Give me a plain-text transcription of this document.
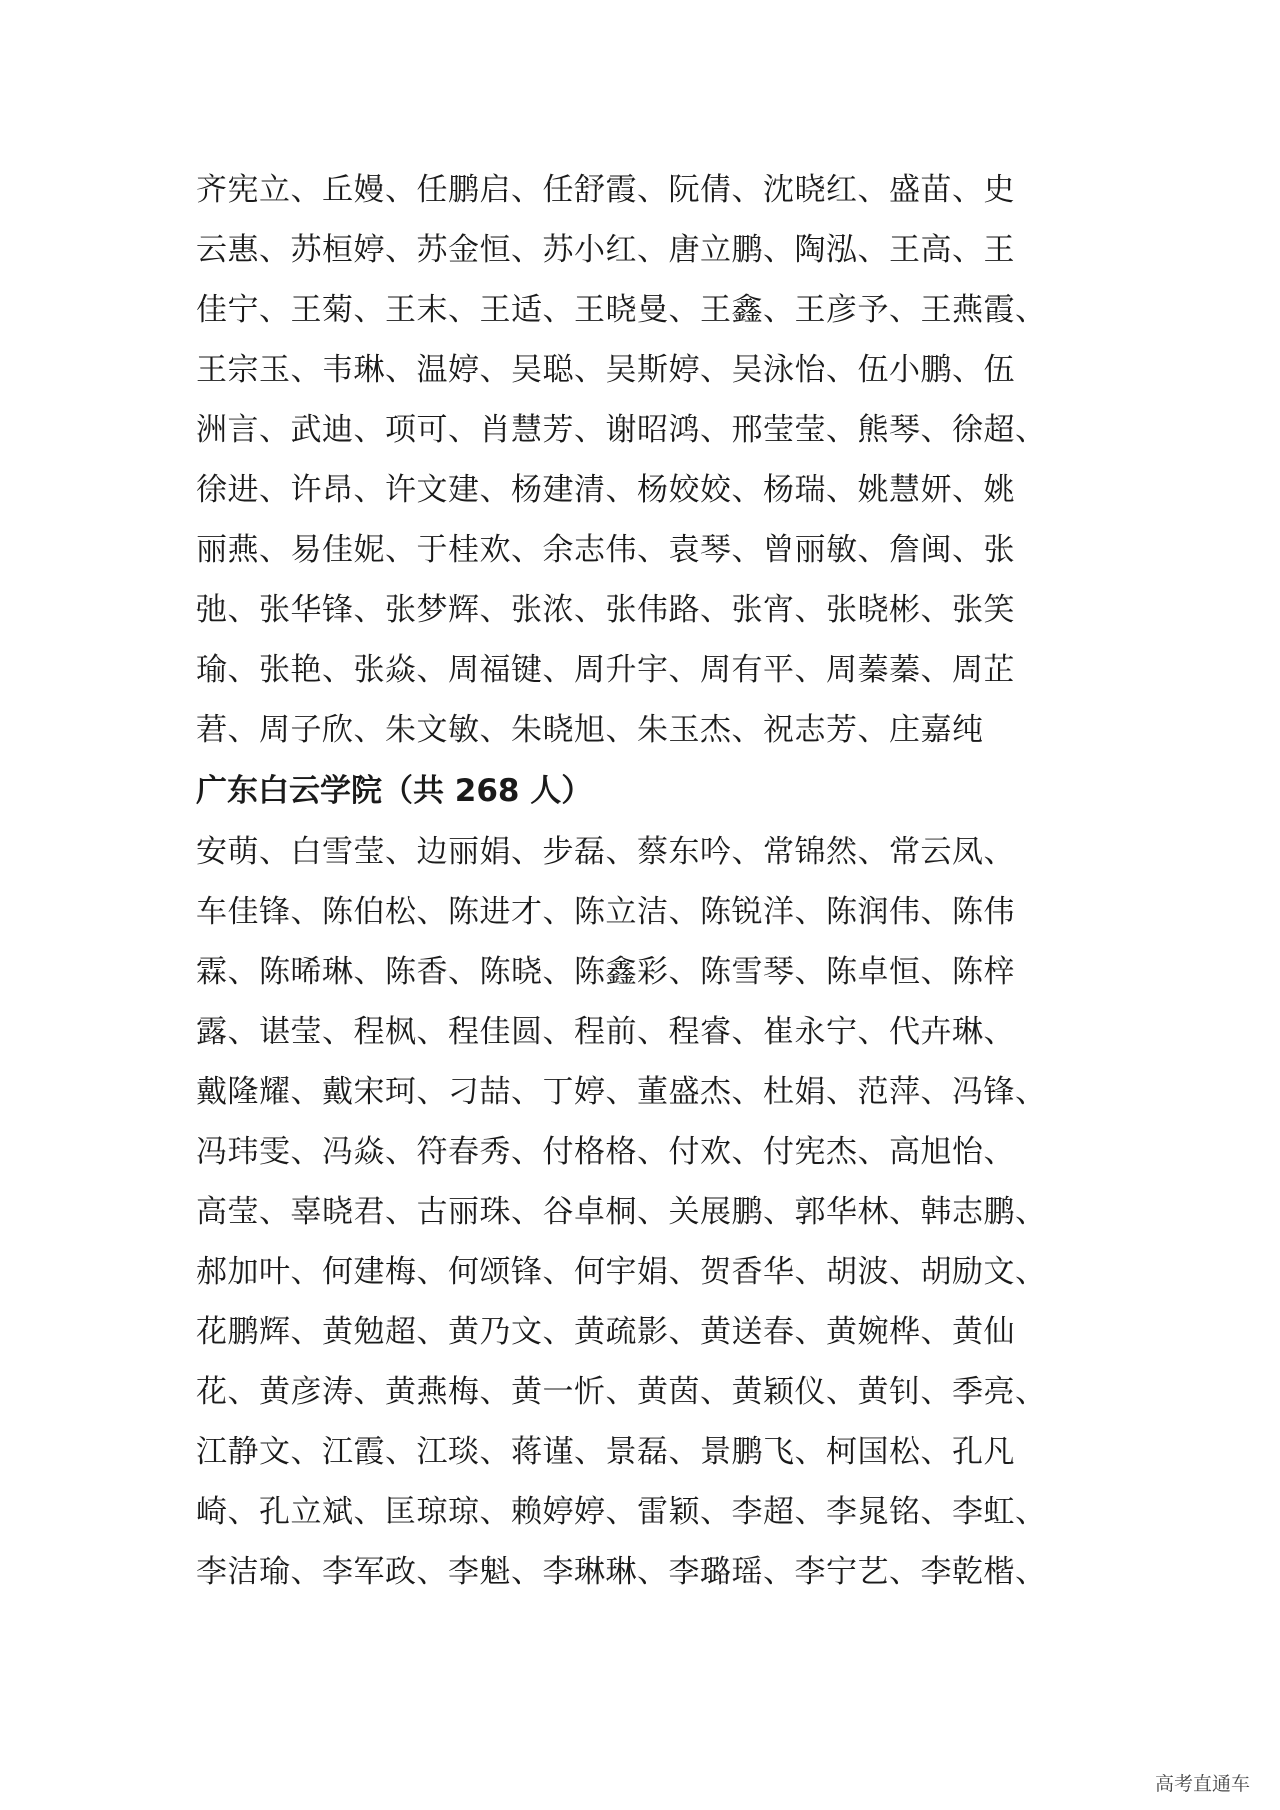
齐宪立、丘嫚、任鹏启、任舒霞、阮倩、沈晓红、盛苗、史
云惠、苏桓婷、苏金恒、苏小红、唐立鹏、陶泓、王高、王
佳宁、王菊、王末、王适、王晓曼、王鑫、王彦予、王燕霞、
王宗玉、韦琳、温婷、吴聪、吴斯婷、吴泳怡、伍小鹏、伍
洲言、武迪、项可、肖慧芳、谢昭鸿、邢莹莹、熊琴、徐超、
徐进、许昂、许文建、杨建清、杨姣姣、杨瑞、姚慧妍、姚
丽燕、易佳妮、于桂欢、余志伟、袁琴、曾丽敏、詹闽、张
弛、张华锋、张梦辉、张浓、张伟路、张宵、张晓彬、张笑
瑜、张艳、张焱、周福键、周升宇、周有平、周蓁蓁、周芷
莙、周子欣、朱文敏、朱晓旭、朱玉杰、祝志芳、庄嘉纯
广东白云学院（共 268 人）
安萌、白雪莹、边丽娟、步磊、蔡东吟、常锦然、常云凤、
车佳锋、陈伯松、陈进才、陈立洁、陈锐洋、陈润伟、陈伟
霖、陈晞琳、陈香、陈晓、陈鑫彩、陈雪琴、陈卓恒、陈梓
露、谌莹、程枫、程佳圆、程前、程睿、崔永宁、代卉琳、
戴隆耀、戴宋珂、刁喆、丁婷、董盛杰、杜娟、范萍、冯锋、
冯玮雯、冯焱、符春秀、付格格、付欢、付宪杰、高旭怡、
高莹、辜晓君、古丽珠、谷卓桐、关展鹏、郭华林、韩志鹏、
郝加叶、何建梅、何颂锋、何宇娟、贺香华、胡波、胡励文、
花鹏辉、黄勉超、黄乃文、黄疏影、黄送春、黄婉桦、黄仙
花、黄彦涛、黄燕梅、黄一忻、黄茵、黄颖仪、黄钊、季亮、
江静文、江霞、江琰、蒋谨、景磊、景鹏飞、柯国松、孔凡
崎、孔立斌、匡琼琼、赖婷婷、雷颖、李超、李晁铭、李虹、
李洁瑜、李军政、李魁、李琳琳、李璐瑶、李宁艺、李乾楷、
高考直通车
